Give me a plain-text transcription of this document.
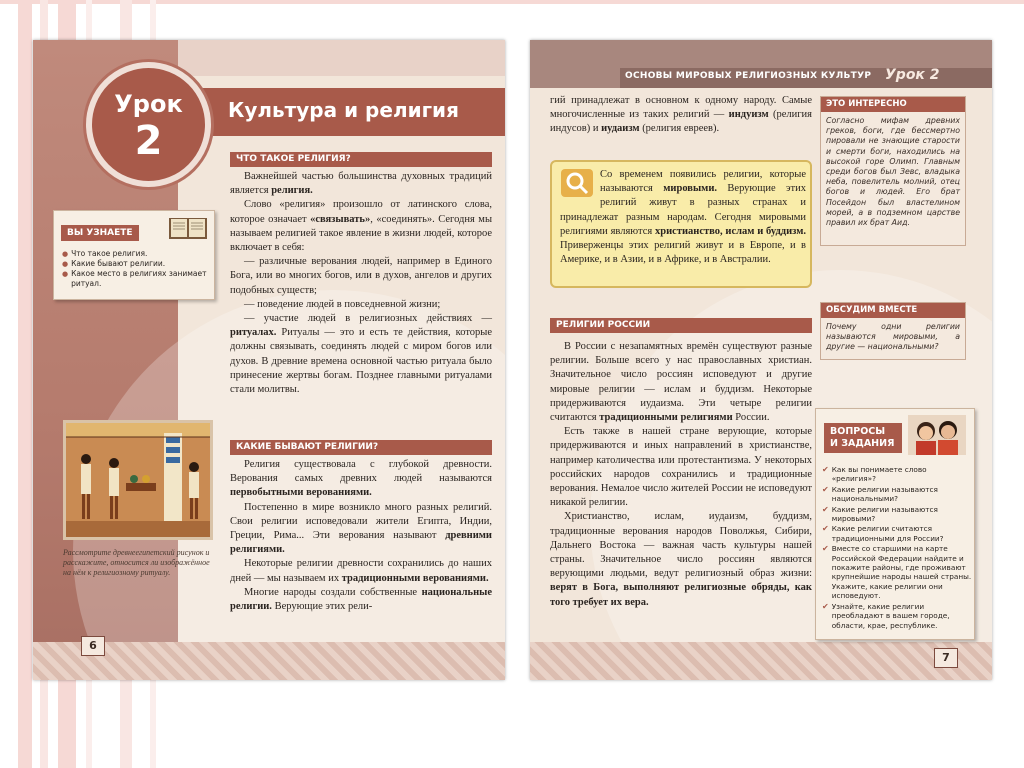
Культура и религия
Урок
2
ВЫ УЗНАЕТЕ
● Что такое религия.
● Какие бывают религии.
● Какое место в религиях занимает ритуал.
ЧТО ТАКОЕ РЕЛИГИЯ?

Важнейшей частью большинства духовных традиций является религия.

Слово «религия» произошло от латинского слова, которое означает «связывать», «соединять». Сегодня мы называем религией такое явление в жизни людей, которое включает в себя:

— различные верования людей, например в Единого Бога, или во многих богов, или в духов, ангелов и других подобных существ;

— поведение людей в повседневной жизни;

— участие людей в религиозных действиях — ритуалах. Ритуалы — это и есть те действия, которые должны связывать, соединять людей с миром богов или духов. В древние времена основной частью ритуала было принесение жертвы богам. Позднее главными ритуалами стали молитвы.

Рассмотрите древнеегипетский рисунок и расскажите, относится ли изображённое на нём к религиозному ритуалу.
КАКИЕ БЫВАЮТ РЕЛИГИИ?

Религия существовала с глубокой древности. Верования самых древних людей называются первобытными верованиями.

Постепенно в мире возникло много разных религий. Свои религии исповедовали жители Египта, Индии, Греции, Рима... Эти верования называют древними религиями.

Некоторые религии древности сохранились до наших дней — мы называем их традиционными верованиями.

Многие народы создали собственные национальные религии. Верующие этих рели-

6
ОСНОВЫ МИРОВЫХ РЕЛИГИОЗНЫХ КУЛЬТУР Урок 2

гий принадлежат в основном к одному народу. Самые многочисленные из таких религий — индуизм (религия индусов) и иудаизм (религия евреев).

Со временем появились религии, которые называются мировыми. Верующие этих религий живут в разных странах и принадлежат разным народам. Сегодня мировыми религиями являются христианство, ислам и буддизм. Приверженцы этих религий живут и в Европе, и в Америке, и в Азии, и в Африке, и в Австралии.
РЕЛИГИИ РОССИИ

В России с незапамятных времён существуют разные религии. Больше всего у нас православных христиан. Значительное число россиян исповедуют и другие мировые религии — ислам и буддизм. Некоторые придерживаются иудаизма. Эти четыре религии считаются традиционными религиями России.

Есть также в нашей стране верующие, которые придерживаются и иных направлений в христианстве, например католичества или протестантизма. У некоторых российских народов сохранились и традиционные верования. Немалое число жителей России не исповедуют никакой религии.

Христианство, ислам, иудаизм, буддизм, традиционные верования народов Поволжья, Сибири, Дальнего Востока — важная часть культуры нашей страны. Значительное число россиян являются верующими людьми, ведут религиозный образ жизни: верят в Бога, выполняют религиозные обряды, как того требует их вера.

ЭТО ИНТЕРЕСНО
Согласно мифам древних греков, боги, где бессмертно пировали не знающие старости и смерти боги, находились на высокой горе Олимп. Главным среди богов был Зевс, владыка неба, повелитель молний, отец богов и людей. Его брат Посейдон был властелином морей, а в подземном царстве правил их брат Аид.
ОБСУДИМ ВМЕСТЕ
Почему одни религии называются мировыми, а другие — национальными?
ВОПРОСЫ И ЗАДАНИЯ
✔ Как вы понимаете слово «религия»?
✔ Какие религии называются национальными?
✔ Какие религии называются мировыми?
✔ Какие религии считаются традиционными для России?
✔ Вместе со старшими на карте Российской Федерации найдите и покажите районы, где проживают крупнейшие народы нашей страны. Укажите, какие религии они исповедуют.
✔ Узнайте, какие религии преобладают в вашем городе, области, крае, республике.
7
